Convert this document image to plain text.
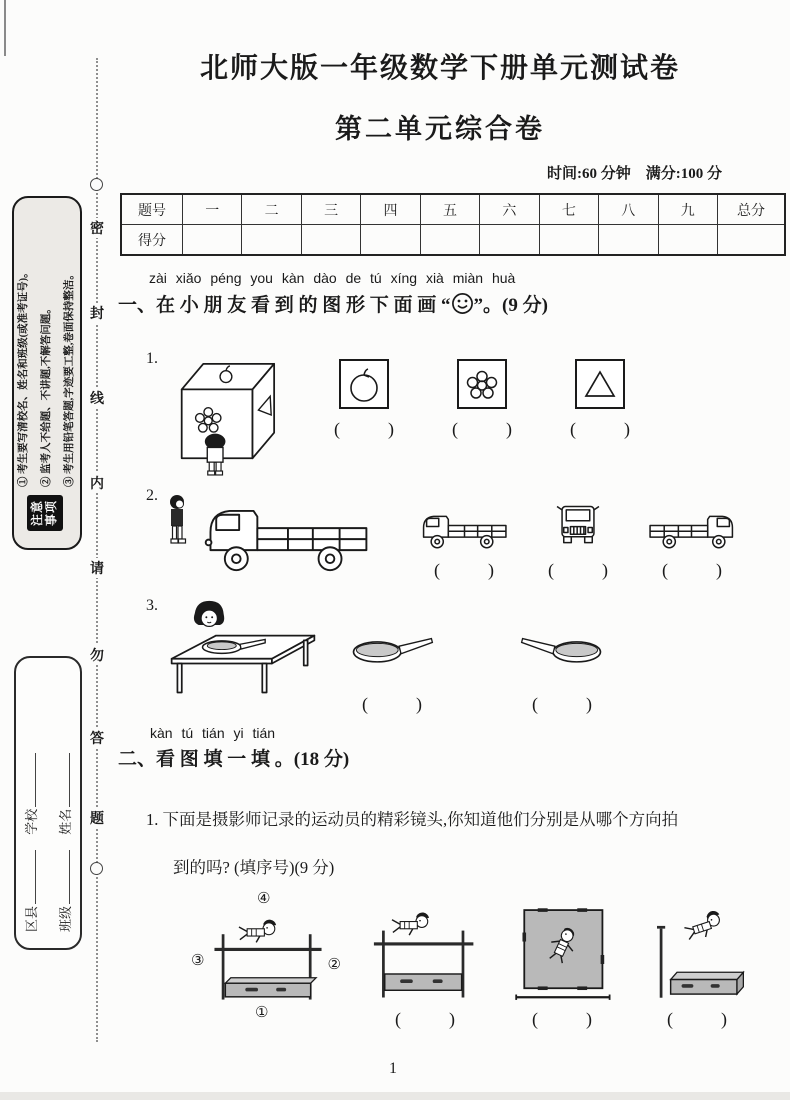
密
封
线
内
请
勿
答
题
注意事项
① 考生要写清校名、姓名和班级(或准考证号)。 ② 监考人不给题、不讲题,不解答问题。 ③ 考生用铅笔答题,字迹要工整,卷面保持整洁。
区县 学校
班级 姓名
北师大版一年级数学下册单元测试卷
第二单元综合卷
时间:60 分钟　满分:100 分
题号	一	二	三	四	五	六	七	八	九	总分
得分										
zài xiǎo péng you kàn dào de tú xíng xià miàn huà
一、在 小 朋 友 看 到 的 图 形 下 面 画 “ ”。(9 分)
1.
(	)	(	)	(	)
2.
(	)	(	)	(	)
3.
(	)	(	)
kàn tú tián yi tián
二、看 图 填 一 填 。(18 分)
1. 下面是摄影师记录的运动员的精彩镜头,你知道他们分别是从哪个方向拍
到的吗? (填序号)(9 分)
④
③	②
①	(	)	(	)	(	)
1
